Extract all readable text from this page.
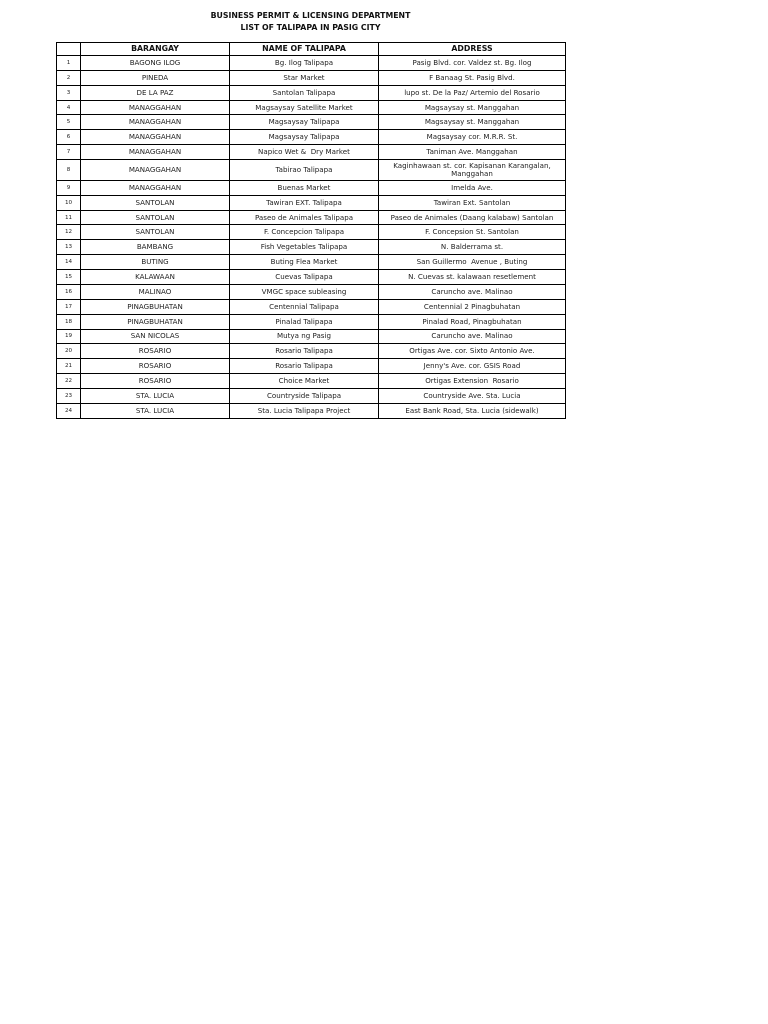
BUSINESS PERMIT & LICENSING DEPARTMENT
LIST OF TALIPAPA IN PASIG CITY
	BARANGAY	NAME OF TALIPAPA	ADDRESS
1	BAGONG ILOG	Bg. Ilog Talipapa	Pasig Blvd. cor. Valdez st. Bg. Ilog
2	PINEDA	Star Market	F Banaag St. Pasig Blvd.
3	DE LA PAZ	Santolan Talipapa	lupo st. De la Paz/ Artemio del Rosario
4	MANAGGAHAN	Magsaysay Satellite Market	Magsaysay st. Manggahan
5	MANAGGAHAN	Magsaysay Talipapa	Magsaysay st. Manggahan
6	MANAGGAHAN	Magsaysay Talipapa	Magsaysay cor. M.R.R. St.
7	MANAGGAHAN	Napico Wet &  Dry Market	Taniman Ave. Manggahan
8	MANAGGAHAN	Tabirao Talipapa	Kaginhawaan st. cor. Kapisanan Karangalan, Manggahan
9	MANAGGAHAN	Buenas Market	Imelda Ave.
10	SANTOLAN	Tawiran EXT. Talipapa	Tawiran Ext. Santolan
11	SANTOLAN	Paseo de Animales Talipapa	Paseo de Animales (Daang kalabaw) Santolan
12	SANTOLAN	F. Concepcion Talipapa	F. Concepsion St. Santolan
13	BAMBANG	Fish Vegetables Talipapa	N. Balderrama st.
14	BUTING	Buting Flea Market	San Guillermo  Avenue , Buting
15	KALAWAAN	Cuevas Talipapa	N. Cuevas st. kalawaan resetlement
16	MALINAO	VMGC space subleasing	Caruncho ave. Malinao
17	PINAGBUHATAN	Centennial Talipapa	Centennial 2 Pinagbuhatan
18	PINAGBUHATAN	Pinalad Talipapa	Pinalad Road, Pinagbuhatan
19	SAN NICOLAS	Mutya ng Pasig	Caruncho ave. Malinao
20	ROSARIO	Rosario Talipapa	Ortigas Ave. cor. Sixto Antonio Ave.
21	ROSARIO	Rosario Talipapa	Jenny's Ave. cor. GSIS Road
22	ROSARIO	Choice Market	Ortigas Extension  Rosario
23	STA. LUCIA	Countryside Talipapa	Countryside Ave. Sta. Lucia
24	STA. LUCIA	Sta. Lucia Talipapa Project	East Bank Road, Sta. Lucia (sidewalk)
